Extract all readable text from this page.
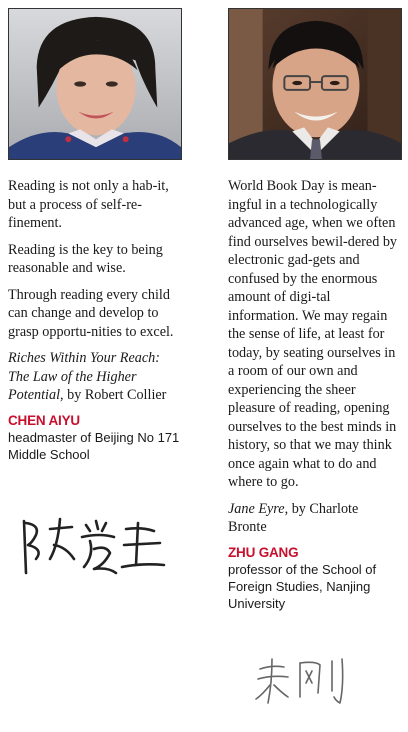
Reading is not only a hab-it, but a process of self-re-finement.

Reading is the key to being reasonable and wise.

Through reading every child can change and develop to grasp opportu-nities to excel.

Riches Within Your Reach: The Law of the Higher Potential, by Robert Collier

CHEN AIYU
headmaster of Beijing No 171 Middle School

World Book Day is mean-ingful in a technologically advanced age, when we often find ourselves bewil-dered by electronic gad-gets and confused by the enormous amount of digi-tal information. We may regain the sense of life, at least for today, by seating ourselves in a room of our own and experiencing the sheer pleasure of reading, opening ourselves to the best minds in history, so that we may think once again what to do and where to go.

Jane Eyre, by Charlote Bronte

ZHU GANG
professor of the School of Foreign Studies, Nanjing University
